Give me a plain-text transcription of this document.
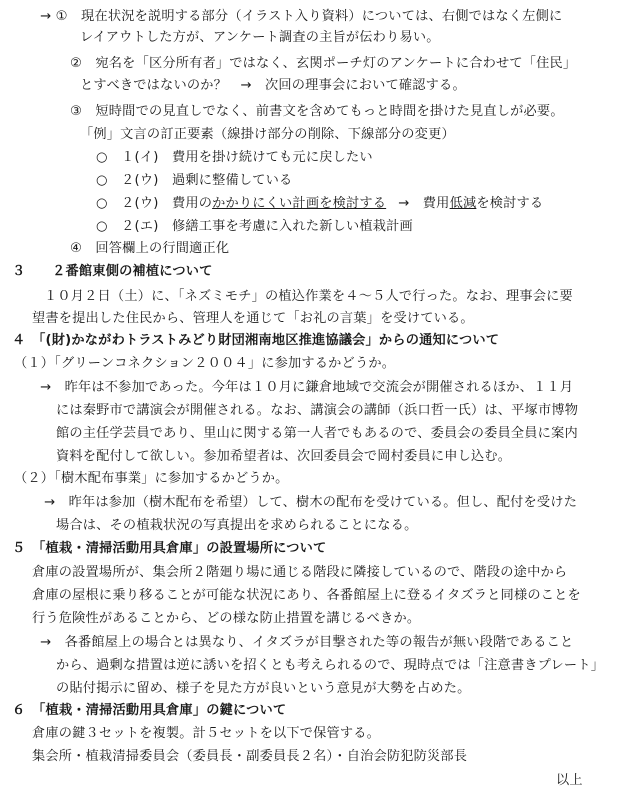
→ ①　現在状況を説明する部分（イラスト入り資料）については、右側ではなく左側に
レイアウトした方が、アンケート調査の主旨が伝わり易い。
②　宛名を「区分所有者」ではなく、玄関ポーチ灯のアンケートに合わせて「住民」
とすべきではないのか？　→　次回の理事会において確認する。
③　短時間での見直しでなく、前書文を含めてもっと時間を掛けた見直しが必要。
「例」文言の訂正要素（線掛け部分の削除、下線部分の変更）
○　１(イ)　費用を掛け続けても元に戻したい
○　２(ウ)　過剰に整備している
○　２(ウ)　費用のかかりにくい計画を検討する →　費用低減を検討する
○　２(エ)　修繕工事を考慮に入れた新しい植栽計画
④　回答欄上の行間適正化
３　　２番館東側の補植について
１０月２日（土）に、「ネズミモチ」の植込作業を４～５人で行った。なお、理事会に要
望書を提出した住民から、管理人を通じて「お礼の言葉」を受けている。
４　「(財)かながわトラストみどり財団湘南地区推進協議会」からの通知について
（１）「グリーンコネクション２００４」に参加するかどうか。
→　昨年は不参加であった。今年は１０月に鎌倉地域で交流会が開催されるほか、１１月
には秦野市で講演会が開催される。なお、講演会の講師（浜口哲一氏）は、平塚市博物
館の主任学芸員であり、里山に関する第一人者でもあるので、委員会の委員全員に案内
資料を配付して欲しい。参加希望者は、次回委員会で岡村委員に申し込む。
（２）「樹木配布事業」に参加するかどうか。
→　昨年は参加（樹木配布を希望）して、樹木の配布を受けている。但し、配付を受けた
場合は、その植栽状況の写真提出を求められることになる。
５　「植栽・清掃活動用具倉庫」の設置場所について
倉庫の設置場所が、集会所２階廻り場に通じる階段に隣接しているので、階段の途中から
倉庫の屋根に乗り移ることが可能な状況にあり、各番館屋上に登るイタズラと同様のことを
行う危険性があることから、どの様な防止措置を講じるべきか。
→　各番館屋上の場合とは異なり、イタズラが目撃された等の報告が無い段階であること
から、過剰な措置は逆に誘いを招くとも考えられるので、現時点では「注意書きプレート」
の貼付掲示に留め、様子を見た方が良いという意見が大勢を占めた。
６　「植栽・清掃活動用具倉庫」の鍵について
倉庫の鍵３セットを複製。計５セットを以下で保管する。
集会所・植栽清掃委員会（委員長・副委員長２名）・自治会防犯防災部長
以上
